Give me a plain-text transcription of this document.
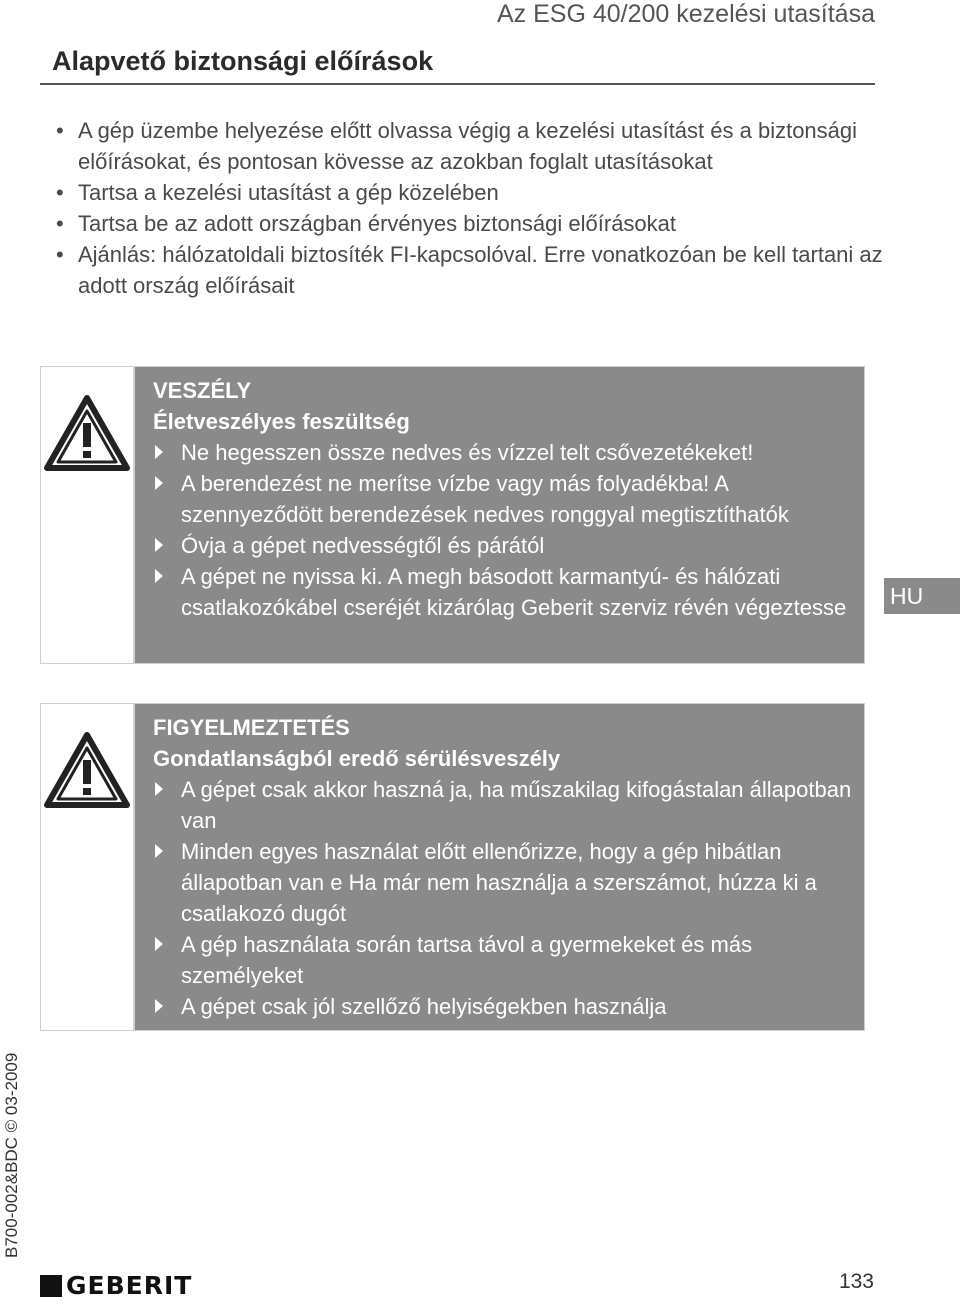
Az ESG 40/200 kezelési utasítása
Alapvető biztonsági előírások
• A gép üzembe helyezése előtt olvassa végig a kezelési utasítást és a biztonsági előírásokat, és pontosan kövesse az azokban foglalt utasításokat
• Tartsa a kezelési utasítást a gép közelében
• Tartsa be az adott országban érvényes biztonsági előírásokat
• Ajánlás: hálózatoldali biztosíték FI-kapcsolóval. Erre vonatkozóan be kell tartani az adott ország előírásait
VESZÉLY
Életveszélyes feszültség
Ne hegesszen össze nedves és vízzel telt csővezetékeket!
A berendezést ne merítse vízbe vagy más folyadékba! A szennyeződött berendezések nedves ronggyal megtisztíthatók
Óvja a gépet nedvességtől és párától
A gépet ne nyissa ki. A megh básodott karmantyú- és hálózati csatlakozókábel cseréjét kizárólag Geberit szerviz révén végeztesse
FIGYELMEZTETÉS
Gondatlanságból eredő sérülésveszély
A gépet csak akkor haszná ja, ha műszakilag kifogástalan állapotban van
Minden egyes használat előtt ellenőrizze, hogy a gép hibátlan állapotban van e Ha már nem használja a szerszámot, húzza ki a csatlakozó dugót
A gép használata során tartsa távol a gyermekeket és más személyeket
A gépet csak jól szellőző helyiségekben használja
HU
B700-002&BDC © 03-2009
GEBERIT	133
